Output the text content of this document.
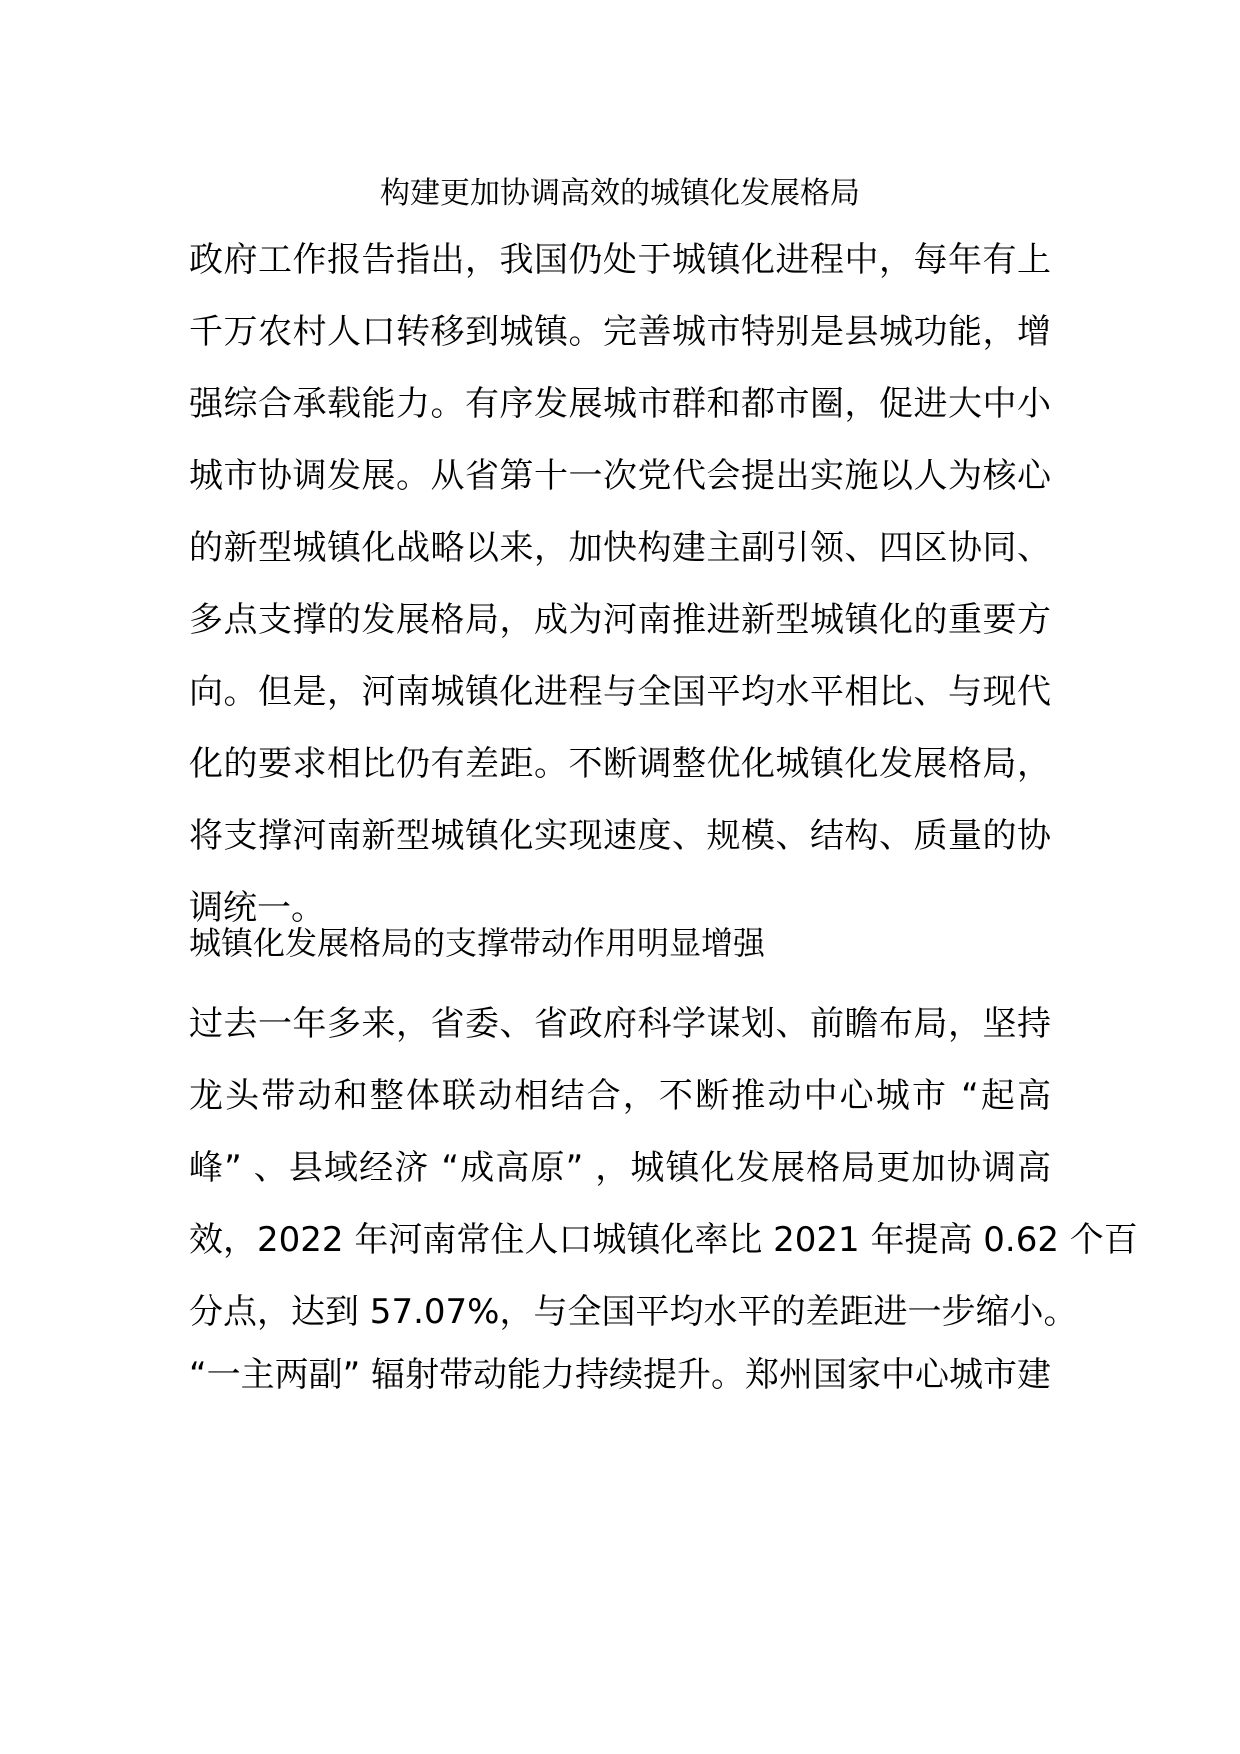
构建更加协调高效的城镇化发展格局
政府工作报告指出，我国仍处于城镇化进程中，每年有上
千万农村人口转移到城镇。完善城市特别是县城功能，增
强综合承载能力。有序发展城市群和都市圈，促进大中小
城市协调发展。从省第十一次党代会提出实施以人为核心
的新型城镇化战略以来，加快构建主副引领、四区协同、
多点支撑的发展格局，成为河南推进新型城镇化的重要方
向。但是，河南城镇化进程与全国平均水平相比、与现代
化的要求相比仍有差距。不断调整优化城镇化发展格局，
将支撑河南新型城镇化实现速度、规模、结构、质量的协
调统一。
城镇化发展格局的支撑带动作用明显增强
过去一年多来，省委、省政府科学谋划、前瞻布局，坚持
龙头带动和整体联动相结合，不断推动中心城市 “起高
峰” 、县域经济 “成高原” ，城镇化发展格局更加协调高
效，2022 年河南常住人口城镇化率比 2021 年提高 0.62 个百
分点，达到 57.07%，与全国平均水平的差距进一步缩小。
“一主两副” 辐射带动能力持续提升。郑州国家中心城市建
